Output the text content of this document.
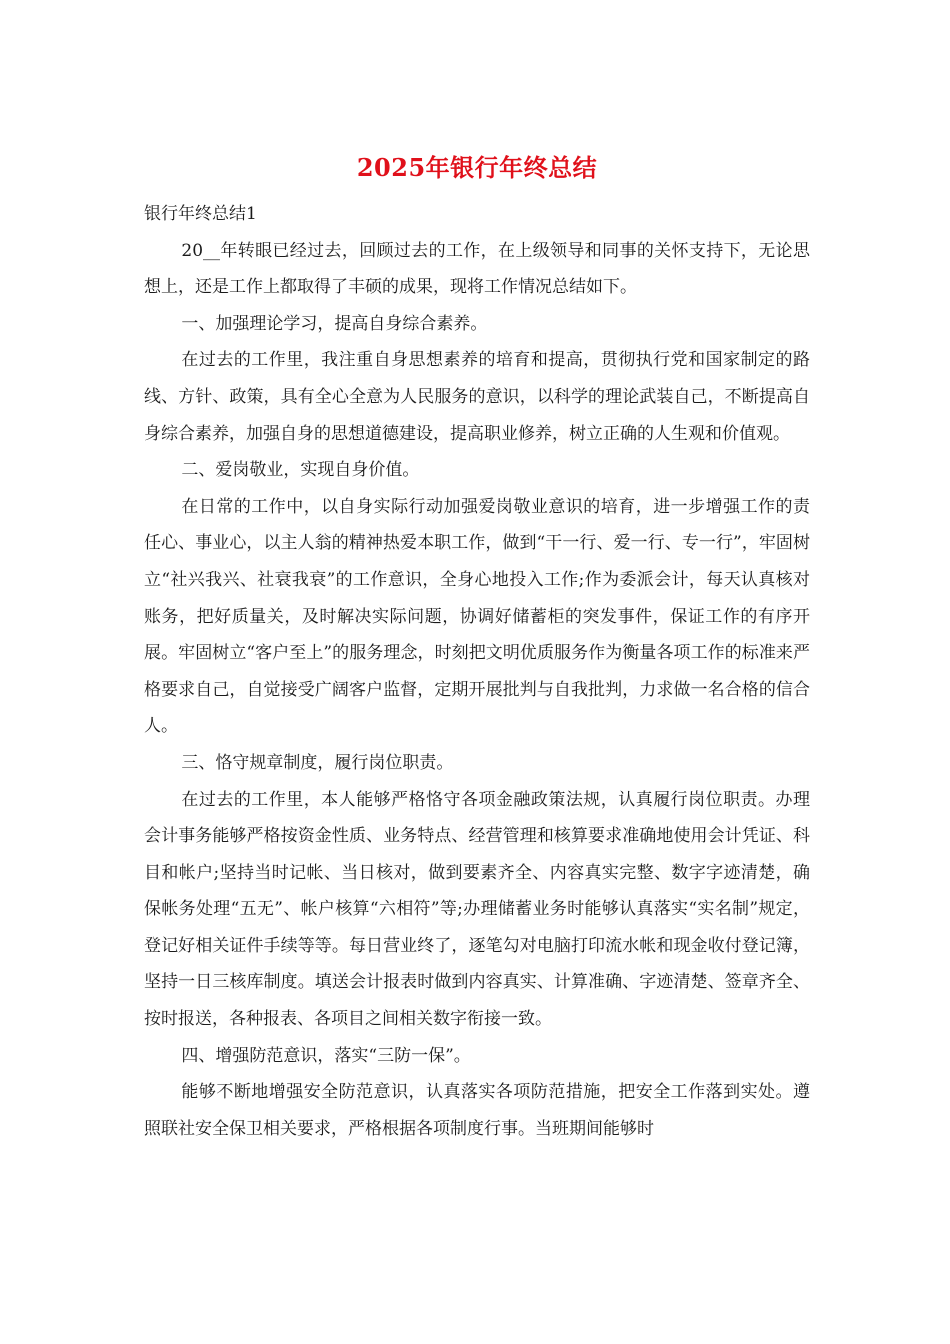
2025年银行年终总结

银行年终总结1

20__年转眼已经过去，回顾过去的工作，在上级领导和同事的关怀支持下，无论思想上，还是工作上都取得了丰硕的成果，现将工作情况总结如下。

一、加强理论学习，提高自身综合素养。

在过去的工作里，我注重自身思想素养的培育和提高，贯彻执行党和国家制定的路线、方针、政策，具有全心全意为人民服务的意识，以科学的理论武装自己，不断提高自身综合素养，加强自身的思想道德建设，提高职业修养，树立正确的人生观和价值观。

二、爱岗敬业，实现自身价值。

在日常的工作中，以自身实际行动加强爱岗敬业意识的培育，进一步增强工作的责任心、事业心，以主人翁的精神热爱本职工作，做到“干一行、爱一行、专一行”，牢固树立“社兴我兴、社衰我衰”的工作意识，全身心地投入工作;作为委派会计，每天认真核对账务，把好质量关，及时解决实际问题，协调好储蓄柜的突发事件，保证工作的有序开展。牢固树立“客户至上”的服务理念，时刻把文明优质服务作为衡量各项工作的标准来严格要求自己，自觉接受广阔客户监督，定期开展批判与自我批判，力求做一名合格的信合人。

三、恪守规章制度，履行岗位职责。

在过去的工作里，本人能够严格恪守各项金融政策法规，认真履行岗位职责。办理会计事务能够严格按资金性质、业务特点、经营管理和核算要求准确地使用会计凭证、科目和帐户;坚持当时记帐、当日核对，做到要素齐全、内容真实完整、数字字迹清楚，确保帐务处理“五无”、帐户核算“六相符”等;办理储蓄业务时能够认真落实“实名制”规定，登记好相关证件手续等等。每日营业终了，逐笔勾对电脑打印流水帐和现金收付登记簿，坚持一日三核库制度。填送会计报表时做到内容真实、计算准确、字迹清楚、签章齐全、按时报送，各种报表、各项目之间相关数字衔接一致。

四、增强防范意识，落实“三防一保”。

能够不断地增强安全防范意识，认真落实各项防范措施，把安全工作落到实处。遵照联社安全保卫相关要求，严格根据各项制度行事。当班期间能够时
